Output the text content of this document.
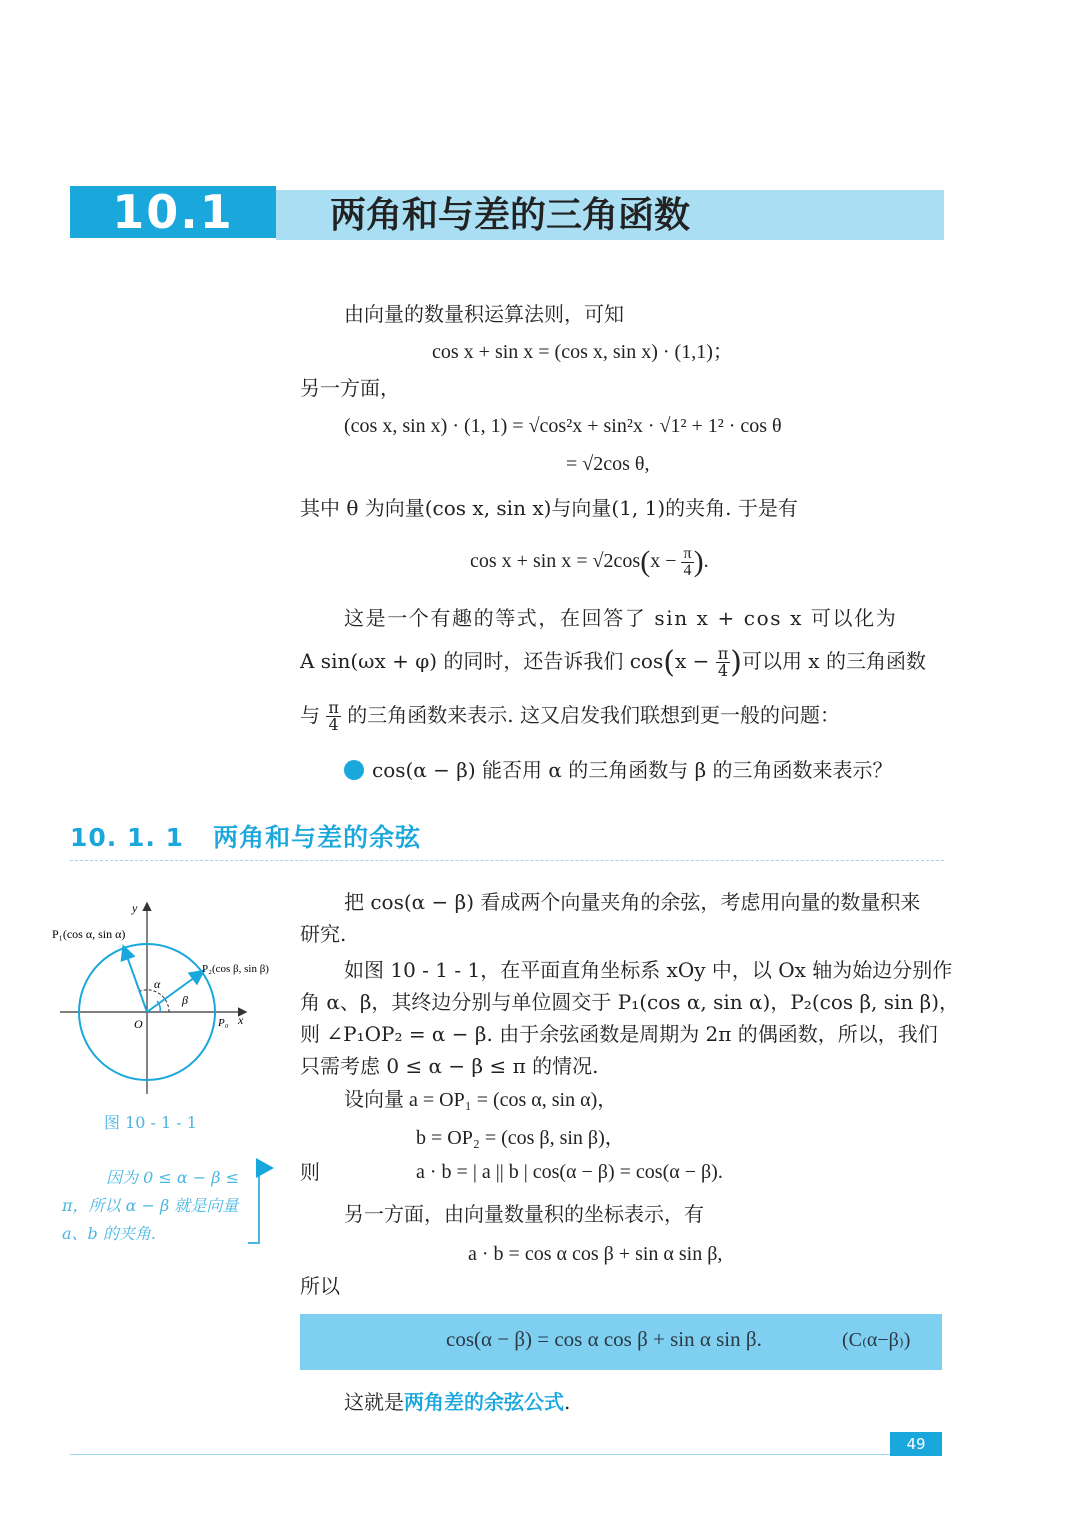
10.1	两角和与差的三角函数
由向量的数量积运算法则，可知
cos x + sin x = (cos x, sin x) · (1,1)；
另一方面，
(cos x, sin x) · (1, 1) = √cos²x + sin²x · √1² + 1² · cos θ
= √2cos θ,
其中 θ 为向量(cos x, sin x)与向量(1, 1)的夹角. 于是有
$\cos x + \sin x = √2\cos(x - \frac{\pi}{4}$ ).
这是一个有趣的等式，在回答了 sin x + cos x 可以化为
A sin(ωx + φ) 的同时，还告诉我们 $\cos(x - \frac{\pi}{4}$ )可以用 x 的三角函数
与 $\frac{\pi}{4}$ 的三角函数来表示. 这又启发我们联想到更一般的问题：
cos(α − β) 能否用 α 的三角函数与 β 的三角函数来表示？
10. 1. 1 两角和与差的余弦
y
x
O	P₀
P₁(cos α, sin α)
P₂(cos β, sin β)
α
β
图 10 - 1 - 1
因为 0 ≤ α − β ≤
π，所以 α − β 就是向量
a、b 的夹角.
把 cos(α − β) 看成两个向量夹角的余弦，考虑用向量的数量积来
研究.
如图 10 - 1 - 1，在平面直角坐标系 xOy 中，以 Ox 轴为始边分别作
角 α、β，其终边分别与单位圆交于 P₁(cos α, sin α)，P₂(cos β, sin β)，
则 ∠P₁OP₂ = α − β. 由于余弦函数是周期为 2π 的偶函数，所以，我们
只需考虑 0 ≤ α − β ≤ π 的情况.
设向量 a = OP₁ = (cos α, sin α)，
b = OP₂ = (cos β, sin β)，
则	a · b = | a || b | cos(α − β) = cos(α − β).
另一方面，由向量数量积的坐标表示，有
a · b = cos α cos β + sin α sin β,
所以
cos(α − β) = cos α cos β + sin α sin β.	(C₍α−β₎)
这就是两角差的余弦公式.
49
